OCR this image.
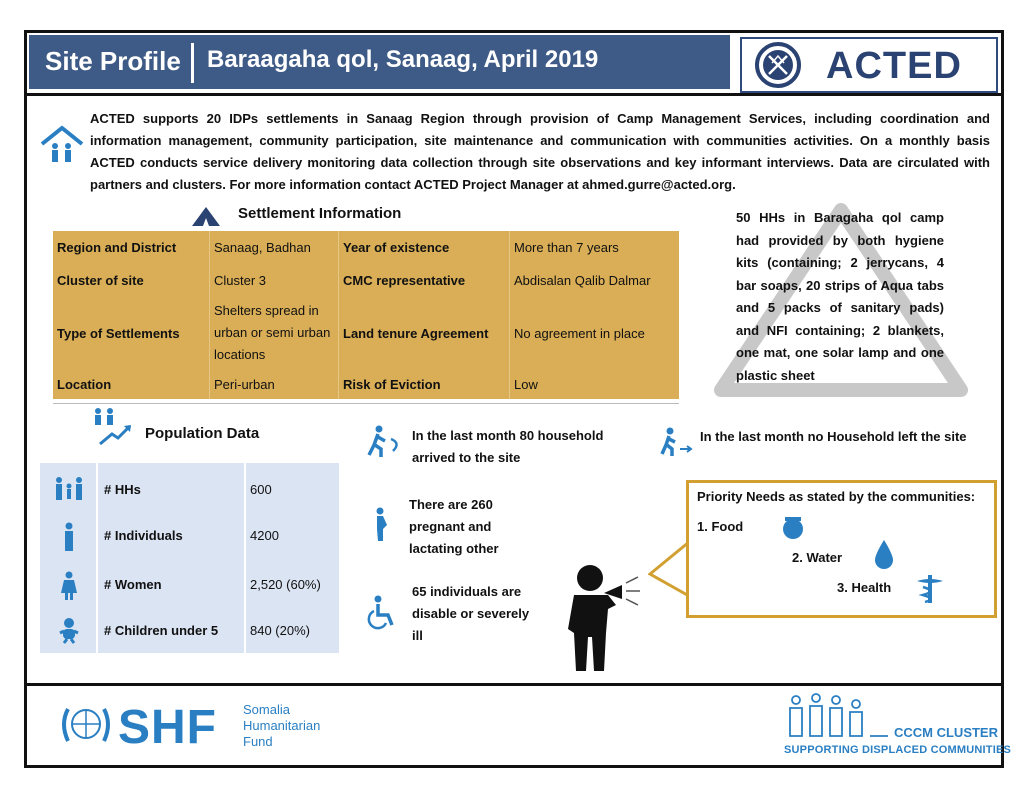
Site Profile Baraagaha qol, Sanaag, April 2019	ACTED
ACTED supports 20 IDPs settlements in Sanaag Region through provision of Camp Management Services, including coordination and information management, community participation, site maintenance and communication with communities activities. On a monthly basis ACTED conducts service delivery monitoring data collection through site observations and key informant interviews. Data are circulated with partners and clusters. For more information contact ACTED Project Manager at ahmed.gurre@acted.org.
Settlement Information
Region and District	Sanaag, Badhan	Year of existence	More than 7 years
Cluster of site	Cluster 3	CMC representative	Abdisalan Qalib Dalmar
Type of Settlements	Shelters spread in urban or semi urban locations	Land tenure Agreement	No agreement in place
Location	Peri-urban	Risk of Eviction	Low
50 HHs in Baragaha qol camp had provided by both hygiene kits (containing; 2 jerrycans, 4 bar soaps, 20 strips of Aqua tabs and 5 packs of sanitary pads) and NFI containing; 2 blankets, one mat, one solar lamp and one plastic sheet
Population Data
# HHs	600
# Individuals	4200
# Women	2,520 (60%)
# Children under 5 840 (20%)
In the last month 80 household arrived to the site
In the last month no Household left the site
There are 260 pregnant and lactating other
65 individuals are disable or severely ill
Priority Needs as stated by the communities:
1. Food
2. Water
3. Health
SHF Somalia
Humanitarian
Fund
CCCM CLUSTER
SUPPORTING DISPLACED COMMUNITIES
